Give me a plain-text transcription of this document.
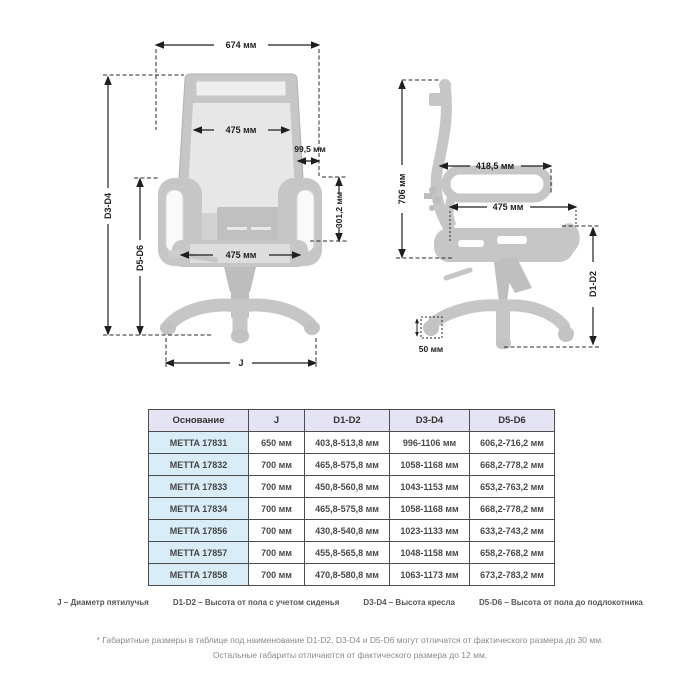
674 мм
475 мм
99,5 мм
301,2 мм
475 мм
D3-D4
D5-D6
J
706 мм
418,5 мм
475 мм
D1-D2
50 мм
Основание	J	D1-D2	D3-D4	D5-D6
METTA 17831	650 мм	403,8-513,8 мм	996-1106 мм	606,2-716,2 мм
METTA 17832	700 мм	465,8-575,8 мм	1058-1168 мм	668,2-778,2 мм
METTA 17833	700 мм	450,8-560,8 мм	1043-1153 мм	653,2-763,2 мм
METTA 17834	700 мм	465,8-575,8 мм	1058-1168 мм	668,2-778,2 мм
METTA 17856	700 мм	430,8-540,8 мм	1023-1133 мм	633,2-743,2 мм
METTA 17857	700 мм	455,8-565,8 мм	1048-1158 мм	658,2-768,2 мм
METTA 17858	700 мм	470,8-580,8 мм	1063-1173 мм	673,2-783,2 мм
J – Диаметр пятилучья	D1-D2 – Высота от пола с учетом сиденья	D3-D4 – Высота кресла	D5-D6 – Высота от пола до подлокотника
* Габаритные размеры в таблице под наименование D1-D2, D3-D4 и D5-D6 могут отличатся от фактического размера до 30 мм.
Остальные габариты отличаются от фактического размера до 12 мм.
